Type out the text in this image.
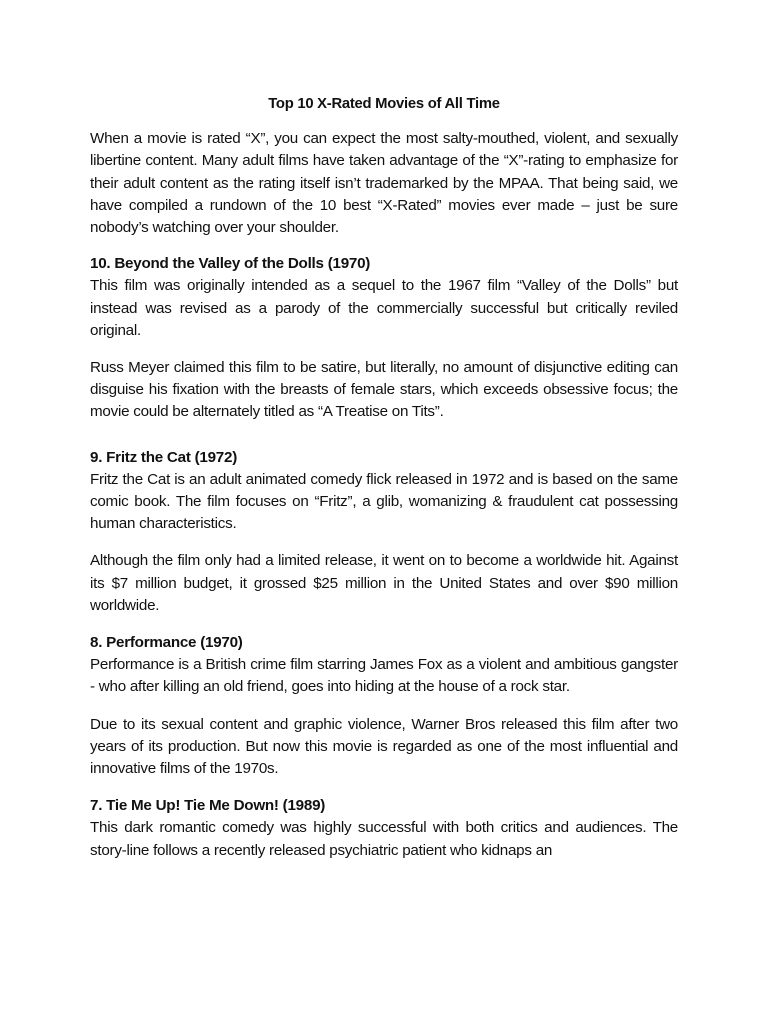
Top 10 X-Rated Movies of All Time

When a movie is rated “X”, you can expect the most salty-mouthed, violent, and sexually libertine content. Many adult films have taken advantage of the “X”-rating to emphasize for their adult content as the rating itself isn’t trademarked by the MPAA. That being said, we have compiled a rundown of the 10 best “X-Rated” movies ever made – just be sure nobody’s watching over your shoulder.

10. Beyond the Valley of the Dolls (1970)

This film was originally intended as a sequel to the 1967 film “Valley of the Dolls” but instead was revised as a parody of the commercially successful but critically reviled original.

Russ Meyer claimed this film to be satire, but literally, no amount of disjunctive editing can disguise his fixation with the breasts of female stars, which exceeds obsessive focus; the movie could be alternately titled as “A Treatise on Tits”.

9. Fritz the Cat (1972)

Fritz the Cat is an adult animated comedy flick released in 1972 and is based on the same comic book. The film focuses on “Fritz”, a glib, womanizing & fraudulent cat possessing human characteristics.

Although the film only had a limited release, it went on to become a worldwide hit. Against its $7 million budget, it grossed $25 million in the United States and over $90 million worldwide.

8. Performance (1970)

Performance is a British crime film starring James Fox as a violent and ambitious gangster - who after killing an old friend, goes into hiding at the house of a rock star.

Due to its sexual content and graphic violence, Warner Bros released this film after two years of its production. But now this movie is regarded as one of the most influential and innovative films of the 1970s.

7. Tie Me Up! Tie Me Down! (1989)

This dark romantic comedy was highly successful with both critics and audiences. The story-line follows a recently released psychiatric patient who kidnaps an
